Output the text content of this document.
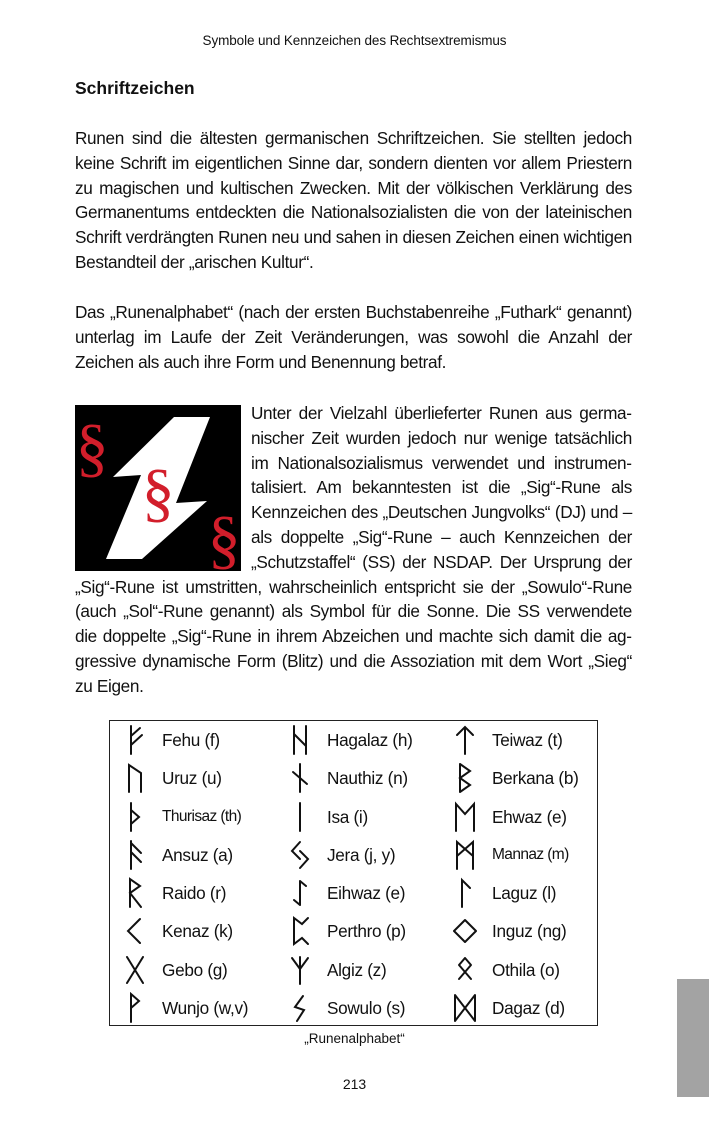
Symbole und Kennzeichen des Rechtsextremismus
Schriftzeichen

Runen sind die ältesten germanischen Schriftzeichen. Sie stellten jedoch keine Schrift im eigentlichen Sinne dar, sondern dienten vor allem Priestern zu magischen und kultischen Zwecken. Mit der völkischen Verklärung des Germanentums entdeckten die Nationalsozialisten die von der lateinischen Schrift verdrängten Runen neu und sahen in diesen Zeichen einen wichtigen Bestandteil der „arischen Kultur“.

Das „Runenalphabet“ (nach der ersten Buchstabenreihe „Futhark“ genannt) unterlag im Laufe der Zeit Veränderungen, was sowohl die Anzahl der Zeichen als auch ihre Form und Benennung betraf.

§
§
§
Unter der Vielzahl überlieferter Runen aus germanischer Zeit wurden jedoch nur wenige tatsächlich im Nationalsozialismus verwendet und instrumentalisiert. Am bekanntesten ist die „Sig“-Rune als Kennzeichen des „Deutschen Jungvolks“ (DJ) und – als doppelte „Sig“-Rune – auch Kennzeichen der „Schutzstaffel“ (SS) der NSDAP. Der Ursprung der „Sig“-Rune ist umstritten, wahrscheinlich entspricht sie der „Sowulo“-Rune (auch „Sol“-Rune genannt) als Symbol für die Sonne. Die SS verwendete die doppelte „Sig“-Rune in ihrem Abzeichen und machte sich damit die aggressive dynamische Form (Blitz) und die Assoziation mit dem Wort „Sieg“ zu Eigen.
Fehu (f)
Uruz (u)
Thurisaz (th)
Ansuz (a)
Raido (r)
Kenaz (k)
Gebo (g)
Wunjo (w,v)
Hagalaz (h)
Nauthiz (n)
Isa (i)
Jera (j, y)
Eihwaz (e)
Perthro (p)
Algiz (z)
Sowulo (s)
Teiwaz (t)
Berkana (b)
Ehwaz (e)
Mannaz (m)
Laguz (l)
Inguz (ng)
Othila (o)
Dagaz (d)
„Runenalphabet“
213
